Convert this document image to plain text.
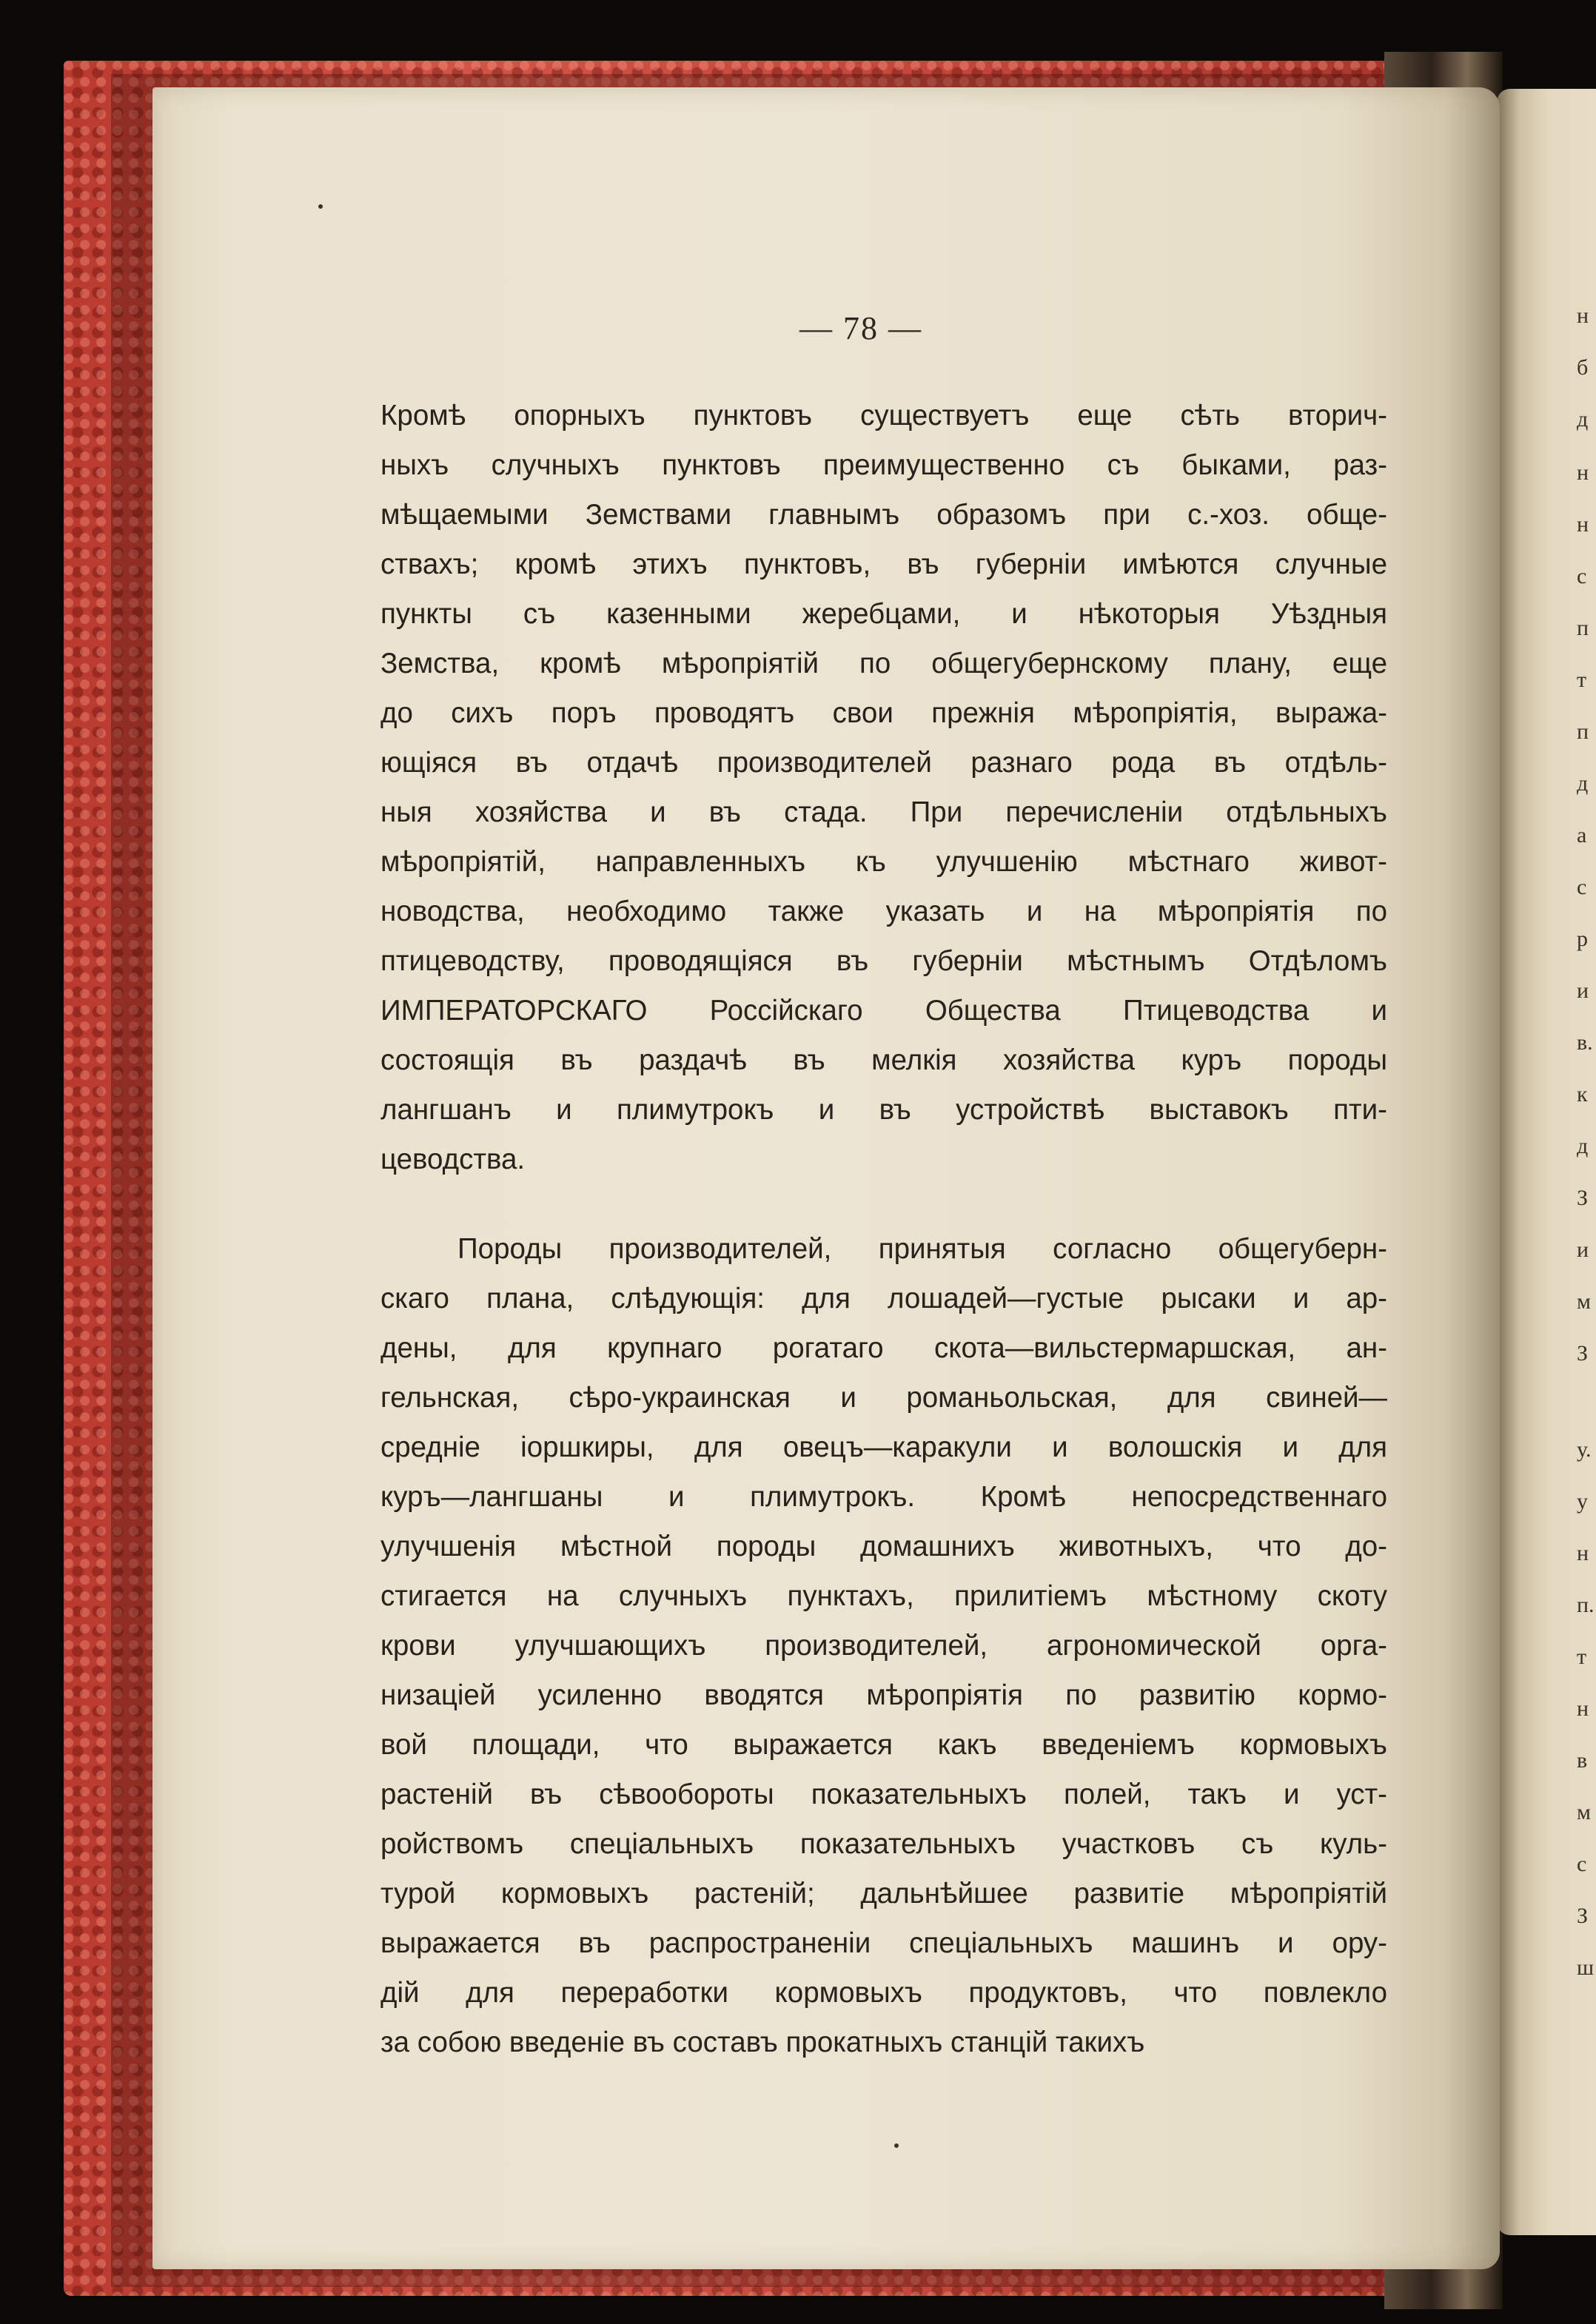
н
б
д
н
н
с
п
т
п
д
а
с
р
и
в.
к
д
З
и
м
З
у.
у
н
п.
т
н
в
м
с
З
ш
— 78 —
Кромѣ опорныхъ пунктовъ существуетъ еще сѣть вторич-
ныхъ случныхъ пунктовъ преимущественно съ быками, раз-
мѣщаемыми Земствами главнымъ образомъ при с.-хоз. обще-
ствахъ; кромѣ этихъ пунктовъ, въ губерніи имѣются случные
пункты съ казенными жеребцами, и нѣкоторыя Уѣздныя
Земства, кромѣ мѣропріятій по общегубернскому плану, еще
до сихъ поръ проводятъ свои прежнія мѣропріятія, выража-
ющіяся въ отдачѣ производителей разнаго рода въ отдѣль-
ныя хозяйства и въ стада. При перечисленіи отдѣльныхъ
мѣропріятій, направленныхъ къ улучшенію мѣстнаго живот-
новодства, необходимо также указать и на мѣропріятія по
птицеводству, проводящіяся въ губерніи мѣстнымъ Отдѣломъ
ИМПЕРАТОРСКАГО Россійскаго Общества Птицеводства и
состоящія въ раздачѣ въ мелкія хозяйства куръ породы
лангшанъ и плимутрокъ и въ устройствѣ выставокъ пти-
цеводства.
Породы производителей, принятыя согласно общегуберн-
скаго плана, слѣдующія: для лошадей—густые рысаки и ар-
дены, для крупнаго рогатаго скота—вильстермаршская, ан-
гельнская, сѣро-украинская и романьольская, для свиней—
средніе іоршкиры, для овецъ—каракули и волошскія и для
куръ—лангшаны и плимутрокъ. Кромѣ непосредственнаго
улучшенія мѣстной породы домашнихъ животныхъ, что до-
стигается на случныхъ пунктахъ, прилитіемъ мѣстному скоту
крови улучшающихъ производителей, агрономической орга-
низаціей усиленно вводятся мѣропріятія по развитію кормо-
вой площади, что выражается какъ введеніемъ кормовыхъ
растеній въ сѣвообороты показательныхъ полей, такъ и уст-
ройствомъ спеціальныхъ показательныхъ участковъ съ куль-
турой кормовыхъ растеній; дальнѣйшее развитіе мѣропріятій
выражается въ распространеніи спеціальныхъ машинъ и ору-
дій для переработки кормовыхъ продуктовъ, что повлекло
за собою введеніе въ составъ прокатныхъ станцій такихъ
